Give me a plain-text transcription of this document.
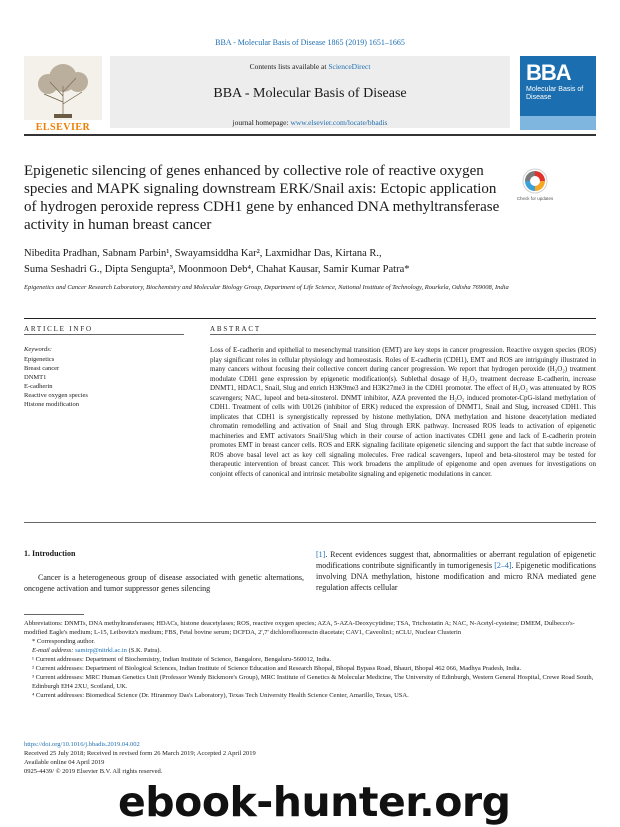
BBA - Molecular Basis of Disease 1865 (2019) 1651–1665
Contents lists available at ScienceDirect
BBA - Molecular Basis of Disease
journal homepage: www.elsevier.com/locate/bbadis
ELSEVIER
BBA
Molecular Basis of Disease
Epigenetic silencing of genes enhanced by collective role of reactive oxygen species and MAPK signaling downstream ERK/Snail axis: Ectopic application of hydrogen peroxide repress CDH1 gene by enhanced DNA methyltransferase activity in human breast cancer
Check for updates
Nibedita Pradhan, Sabnam Parbin¹, Swayamsiddha Kar², Laxmidhar Das, Kirtana R.,
Suma Seshadri G., Dipta Sengupta³, Moonmoon Deb⁴, Chahat Kausar, Samir Kumar Patra*
Epigenetics and Cancer Research Laboratory, Biochemistry and Molecular Biology Group, Department of Life Science, National Institute of Technology, Rourkela, Odisha 769008, India
ARTICLE INFO
Keywords:
Epigenetics
Breast cancer
DNMT1
E-cadherin
Reactive oxygen species
Histone modification
ABSTRACT
Loss of E-cadherin and epithelial to mesenchymal transition (EMT) are key steps in cancer progression. Reactive oxygen species (ROS) play significant roles in cellular physiology and homeostasis. Roles of E-cadherin (CDH1), EMT and ROS are intriguingly illustrated in many cancers without focusing their collective concert during cancer progression. We report that hydrogen peroxide (H₂O₂) treatment modulate CDH1 gene expression by epigenetic modification(s). Sublethal dosage of H₂O₂ treatment decrease E-cadherin, increase DNMT1, HDAC1, Snail, Slug and enrich H3K9me3 and H3K27me3 in the CDH1 promoter. The effect of H₂O₂ was attenuated by ROS scavengers; NAC, lupeol and beta-sitosterol. DNMT inhibitor, AZA prevented the H₂O₂ induced promoter-CpG-island methylation of CDH1. Treatment of cells with U0126 (inhibitor of ERK) reduced the expression of DNMT1, Snail and Slug, increased CDH1. This implicates that CDH1 is synergistically repressed by histone methylation, DNA methylation and histone deacetylation mediated chromatin remodelling and activation of Snail and Slug through ERK pathway. Increased ROS leads to activation of epigenetic machineries and EMT activators Snail/Slug which in their course of action inactivates CDH1 gene and lack of E-cadherin protein promotes EMT in breast cancer cells. ROS and ERK signaling facilitate epigenetic silencing and support the fact that subtle increase of ROS above basal level act as key cell signaling molecules. Free radical scavengers, lupeol and beta-sitosterol may be tested for therapeutic intervention of breast cancer. This work broadens the amplitude of epigenome and open avenues for investigations on conjoint effects of canonical and intrinsic metabolite signaling and epigenetic modulations in cancer.
1. Introduction
Cancer is a heterogeneous group of disease associated with genetic alternations, oncogene activation and tumor suppressor genes silencing
[1]. Recent evidences suggest that, abnormalities or aberrant regulation of epigenetic modifications contribute significantly in tumorigenesis [2–4]. Epigenetic modifications involving DNA methylation, histone modification and micro RNA mediated gene regulation affects cellular

Abbreviations: DNMTs, DNA methyltransferases; HDACs, histone deacetylases; ROS, reactive oxygen species; AZA, 5-AZA-Deoxycytidine; TSA, Trichostatin A; NAC, N-Acetyl-cysteine; DMEM, Dulbecco's-modified Eagle's medium; L-15, Leibovitz's medium; FBS, Fetal bovine serum; DCFDA, 2',7' dichlorofluorescin diacetate; CAV1, Caveolin1; nCLU, Nuclear Clusterin

* Corresponding author.

E-mail address: samirp@nitrkl.ac.in (S.K. Patra).

¹ Current addresses: Department of Biochemistry, Indian Institute of Science, Bangalore, Bengaluru-560012, India.

² Current addresses: Department of Biological Sciences, Indian Institute of Science Education and Research Bhopal, Bhopal Bypass Road, Bhauri, Bhopal 462 066, Madhya Pradesh, India.

³ Current addresses: MRC Human Genetics Unit (Professor Wendy Bickmore's Group), MRC Institute of Genetics & Molecular Medicine, The University of Edinburgh, Western General Hospital, Crewe Road South, Edinburgh EH4 2XU, Scotland, UK.

⁴ Current addresses: Biomedical Science (Dr. Hiranmoy Das's Laboratory), Texas Tech University Health Science Center, Amarillo, Texas, USA.

https://doi.org/10.1016/j.bbadis.2019.04.002

Received 25 July 2018; Received in revised form 26 March 2019; Accepted 2 April 2019

Available online 04 April 2019

0925-4439/ © 2019 Elsevier B.V. All rights reserved.

ebook-hunter.org
